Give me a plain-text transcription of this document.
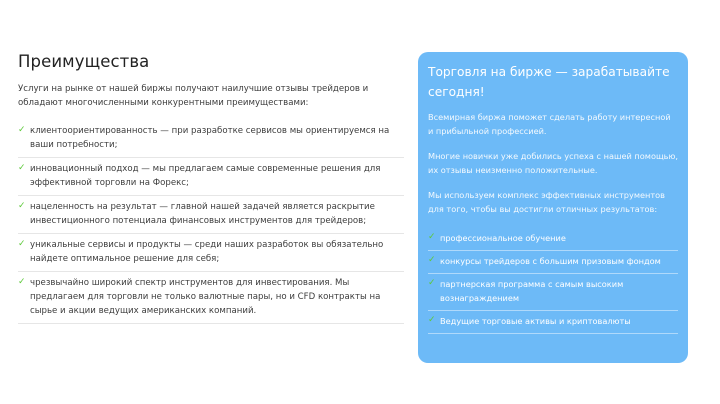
Преимущества

Услуги на рынке от нашей биржы получают наилучшие отзывы трейдеров и обладают многочисленными конкурентными преимуществами:

✓ клиентоориентированность — при разработке сервисов мы ориентируемся на ваши потребности;
✓ инновационный подход — мы предлагаем самые современные решения для эффективной торговли на Форекс;
✓ нацеленность на результат — главной нашей задачей является раскрытие инвестиционного потенциала финансовых инструментов для трейдеров;
✓ уникальные сервисы и продукты — среди наших разработок вы обязательно найдете оптимальное решение для себя;
✓ чрезвычайно широкий спектр инструментов для инвестирования. Мы предлагаем для торговли не только валютные пары, но и CFD контракты на сырье и акции ведущих американских компаний.
Торговля на бирже — зарабатывайте сегодня!

Всемирная биржа поможет сделать работу интересной и прибыльной профессией.

Многие новички уже добились успеха с нашей помощью, их отзывы неизменно положительные.

Мы используем комплекс эффективных инструментов для того, чтобы вы достигли отличных результатов:

✓ профессиональное обучение
✓ конкурсы трейдеров с большим призовым фондом
✓ партнерская программа с самым высоким вознаграждением
✓ Ведущие торговые активы и криптовалюты
